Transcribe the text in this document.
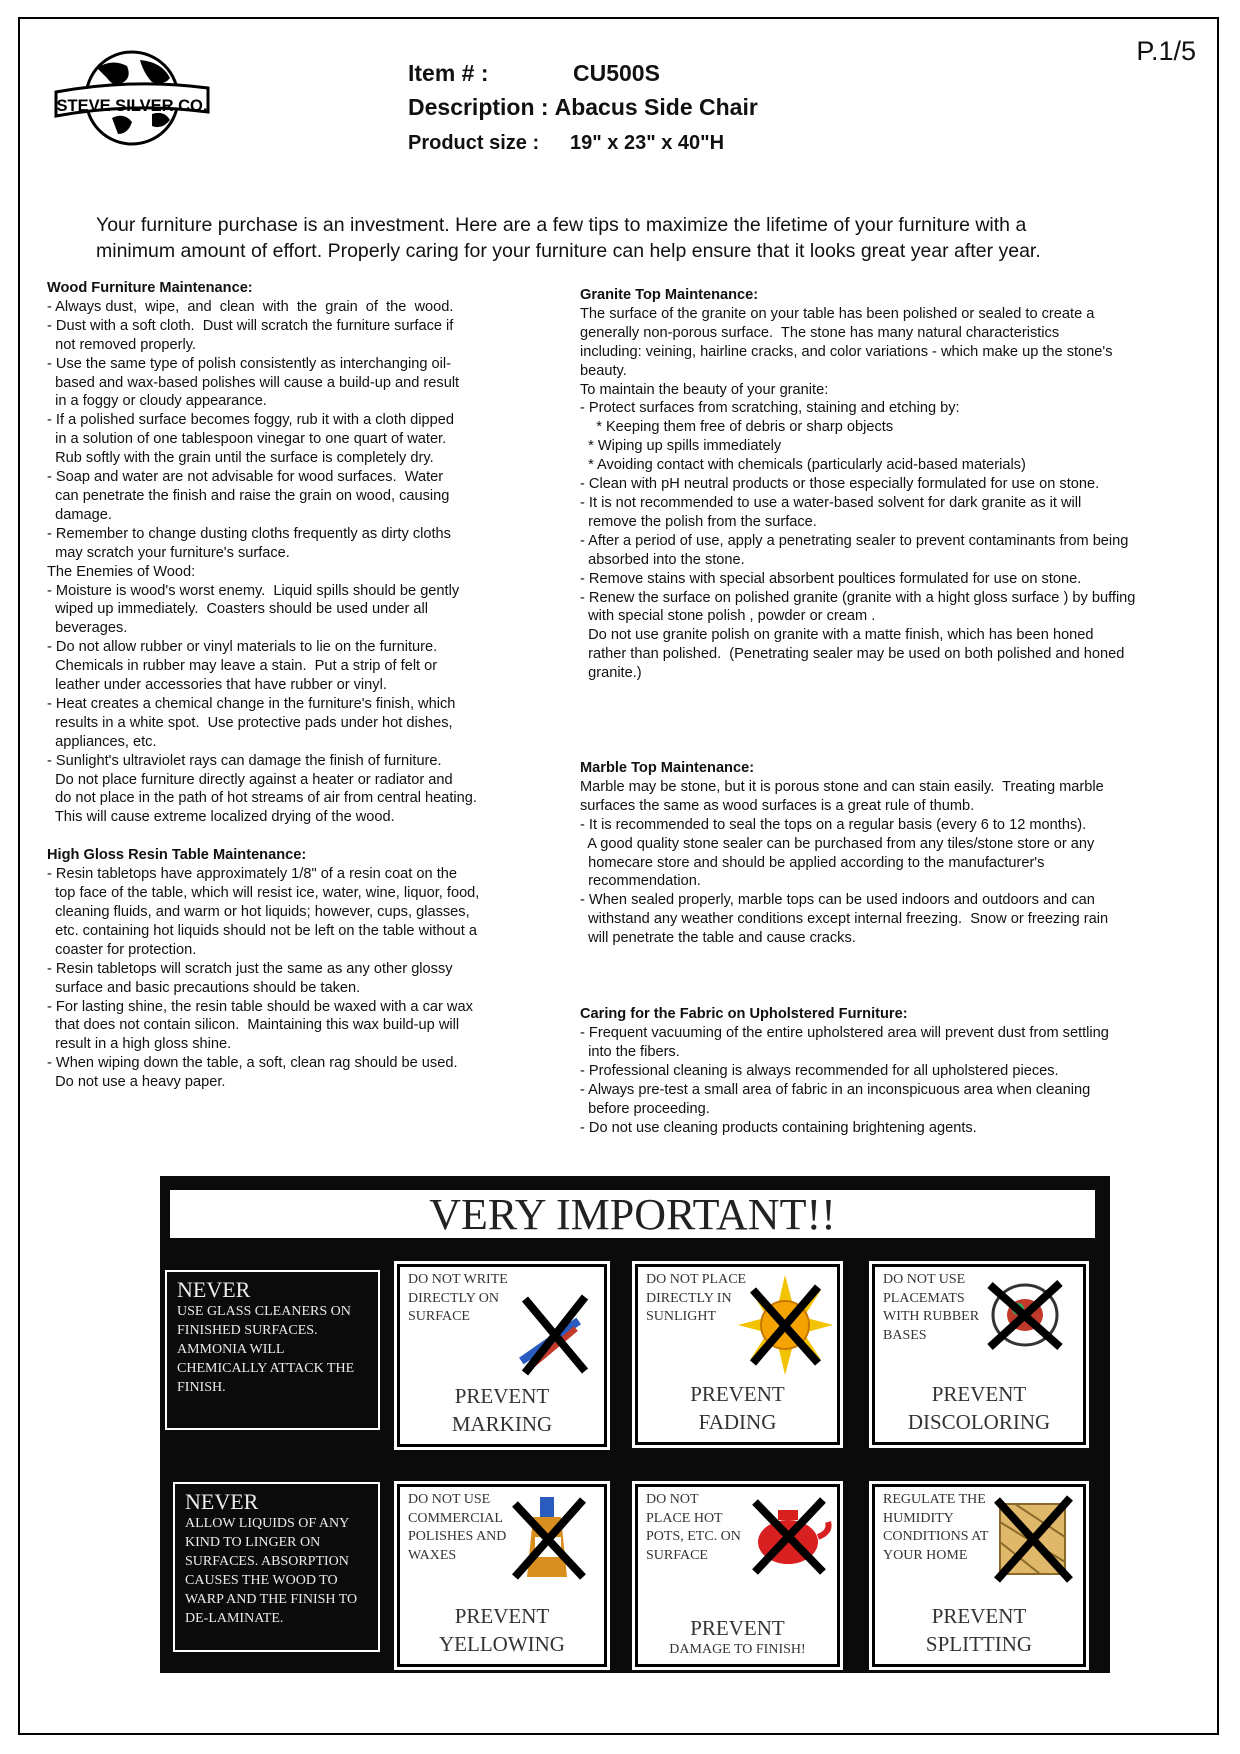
P.1/5
STEVE SILVER CO.
Item # :	CU500S
Description : Abacus Side Chair
Product size :	19" x 23" x 40"H
Your furniture purchase is an investment. Here are a few tips to maximize the lifetime of your furniture with a
minimum amount of effort. Properly caring for your furniture can help ensure that it looks great year after year.
Wood Furniture Maintenance:
- Always dust,  wipe,  and  clean  with  the  grain  of  the  wood.
- Dust with a soft cloth.  Dust will scratch the furniture surface if
not removed properly.
- Use the same type of polish consistently as interchanging oil-
based and wax-based polishes will cause a build-up and result
in a foggy or cloudy appearance.
- If a polished surface becomes foggy, rub it with a cloth dipped
in a solution of one tablespoon vinegar to one quart of water.
Rub softly with the grain until the surface is completely dry.
- Soap and water are not advisable for wood surfaces.  Water
can penetrate the finish and raise the grain on wood, causing
damage.
- Remember to change dusting cloths frequently as dirty cloths
may scratch your furniture's surface.
The Enemies of Wood:
- Moisture is wood's worst enemy.  Liquid spills should be gently
wiped up immediately.  Coasters should be used under all
beverages.
- Do not allow rubber or vinyl materials to lie on the furniture.
Chemicals in rubber may leave a stain.  Put a strip of felt or
leather under accessories that have rubber or vinyl.
- Heat creates a chemical change in the furniture's finish, which
results in a white spot.  Use protective pads under hot dishes,
appliances, etc.
- Sunlight's ultraviolet rays can damage the finish of furniture.
Do not place furniture directly against a heater or radiator and
do not place in the path of hot streams of air from central heating.
This will cause extreme localized drying of the wood.
High Gloss Resin Table Maintenance:
- Resin tabletops have approximately 1/8" of a resin coat on the
top face of the table, which will resist ice, water, wine, liquor, food,
cleaning fluids, and warm or hot liquids; however, cups, glasses,
etc. containing hot liquids should not be left on the table without a
coaster for protection.
- Resin tabletops will scratch just the same as any other glossy
surface and basic precautions should be taken.
- For lasting shine, the resin table should be waxed with a car wax
that does not contain silicon.  Maintaining this wax build-up will
result in a high gloss shine.
- When wiping down the table, a soft, clean rag should be used.
Do not use a heavy paper.
Granite Top Maintenance:
The surface of the granite on your table has been polished or sealed to create a
generally non-porous surface.  The stone has many natural characteristics
including: veining, hairline cracks, and color variations - which make up the stone's
beauty.
To maintain the beauty of your granite:
- Protect surfaces from scratching, staining and etching by:
* Keeping them free of debris or sharp objects
* Wiping up spills immediately
* Avoiding contact with chemicals (particularly acid-based materials)
- Clean with pH neutral products or those especially formulated for use on stone.
- It is not recommended to use a water-based solvent for dark granite as it will
remove the polish from the surface.
- After a period of use, apply a penetrating sealer to prevent contaminants from being
absorbed into the stone.
- Remove stains with special absorbent poultices formulated for use on stone.
- Renew the surface on polished granite (granite with a hight gloss surface ) by buffing
with special stone polish , powder or cream .
Do not use granite polish on granite with a matte finish, which has been honed
rather than polished.  (Penetrating sealer may be used on both polished and honed
granite.)
Marble Top Maintenance:
Marble may be stone, but it is porous stone and can stain easily.  Treating marble
surfaces the same as wood surfaces is a great rule of thumb.
- It is recommended to seal the tops on a regular basis (every 6 to 12 months).
A good quality stone sealer can be purchased from any tiles/stone store or any
homecare store and should be applied according to the manufacturer's
recommendation.
- When sealed properly, marble tops can be used indoors and outdoors and can
withstand any weather conditions except internal freezing.  Snow or freezing rain
will penetrate the table and cause cracks.
Caring for the Fabric on Upholstered Furniture:
- Frequent vacuuming of the entire upholstered area will prevent dust from settling
into the fibers.
- Professional cleaning is always recommended for all upholstered pieces.
- Always pre-test a small area of fabric in an inconspicuous area when cleaning
before proceeding.
- Do not use cleaning products containing brightening agents.
VERY IMPORTANT!!
NEVER
USE GLASS CLEANERS ON FINISHED SURFACES. AMMONIA WILL CHEMICALLY ATTACK THE FINISH.
NEVER
ALLOW LIQUIDS OF ANY KIND TO LINGER ON SURFACES. ABSORPTION CAUSES THE WOOD TO WARP AND THE FINISH TO DE-LAMINATE.
DO NOT WRITE DIRECTLY ON SURFACE
PREVENT
MARKING
DO NOT PLACE DIRECTLY IN SUNLIGHT
PREVENT
FADING
DO NOT USE PLACEMATS WITH RUBBER BASES
PREVENT
DISCOLORING
DO NOT USE COMMERCIAL POLISHES AND WAXES
PREVENT
YELLOWING
DO NOT PLACE HOT POTS, ETC. ON SURFACE
PREVENT
DAMAGE TO FINISH!
REGULATE THE HUMIDITY CONDITIONS AT YOUR HOME
PREVENT
SPLITTING
